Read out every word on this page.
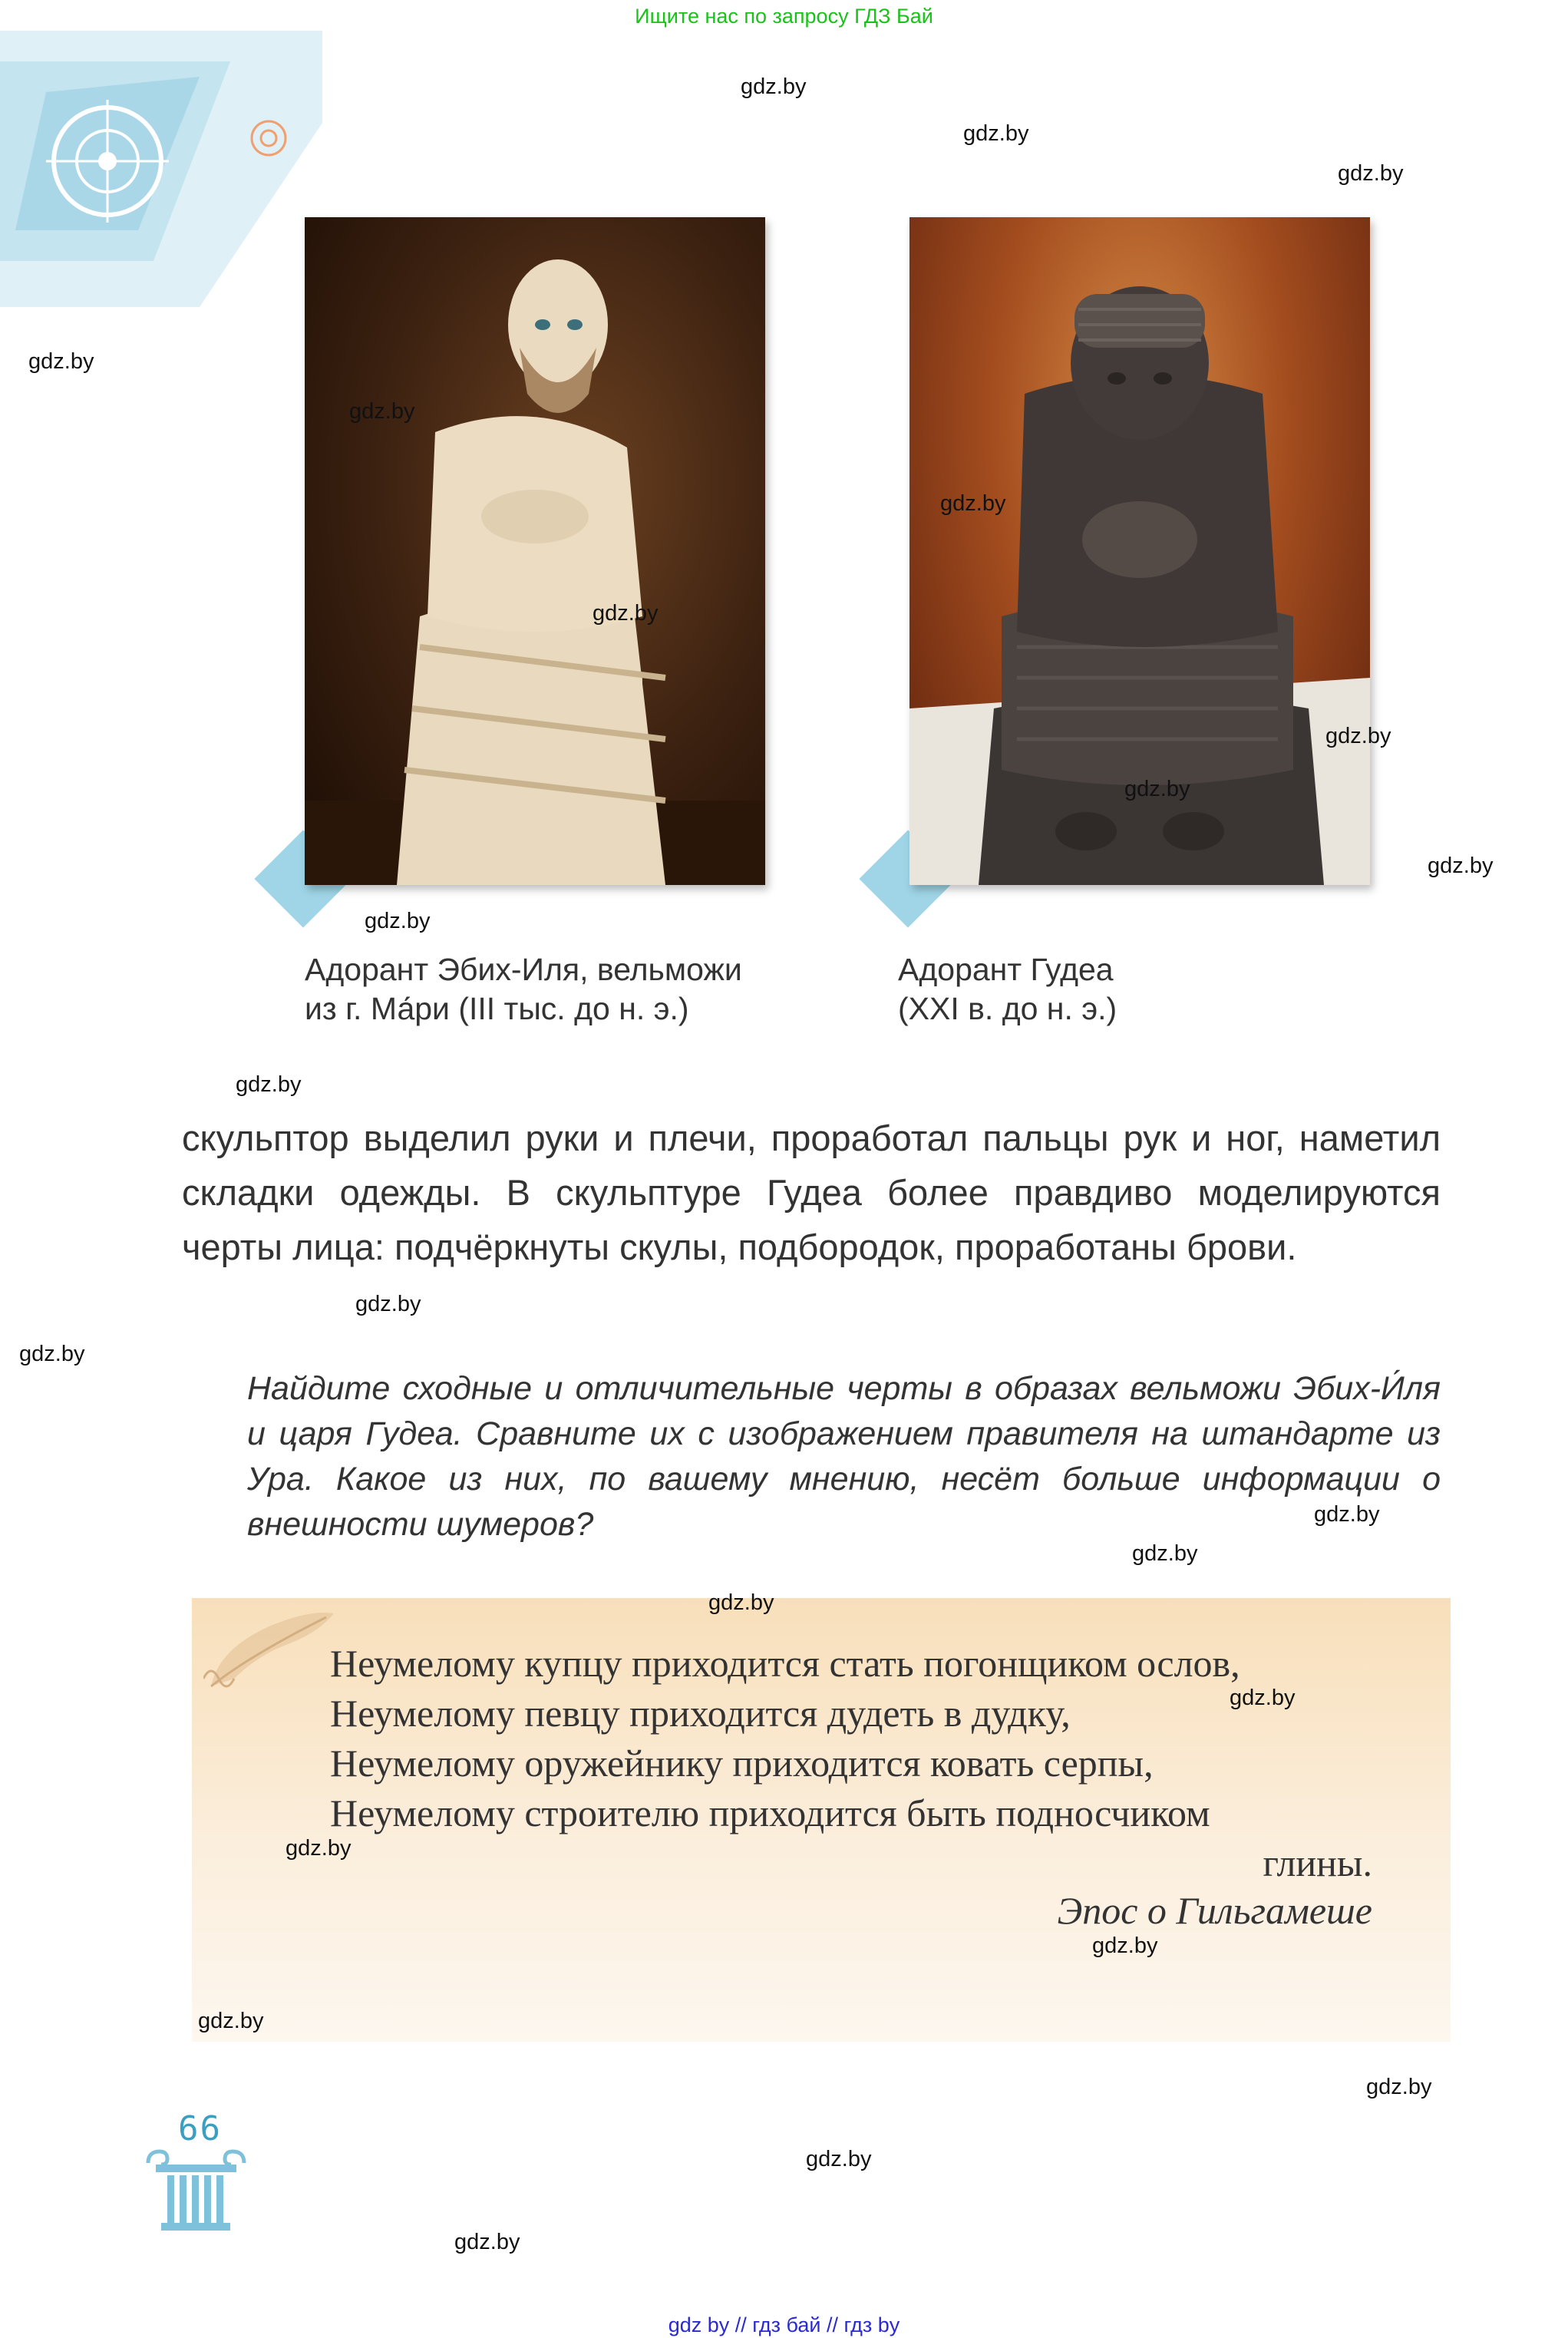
Ищите нас по запросу ГДЗ Бай
gdz.by
gdz.by
gdz.by
gdz.by
gdz.by
gdz.by
gdz.by
gdz.by
gdz.by
gdz.by
gdz.by
gdz.by
gdz.by
gdz.by
gdz.by
gdz.by
gdz.by
gdz.by
gdz.by
gdz.by
gdz.by
gdz.by
gdz.by
gdz.by
Адорант Эбих-Иля, вельможи
из г. Ма́ри (III тыс. до н. э.)
Адорант Гудеа
(XXI в. до н. э.)
скульптор выделил руки и плечи, проработал пальцы рук и ног, наметил складки одежды. В скульптуре Гудеа более правдиво моделируются черты лица: подчёркнуты скулы, подбородок, проработаны брови.
Найдите сходные и отличительные черты в образах вельможи Эбих-И́ля и царя Гудеа. Сравните их с изображением правителя на штандарте из Ура. Какое из них, по вашему мнению, несёт больше информации о внешности шумеров?
Неумелому купцу приходится стать погонщиком ослов,
Неумелому певцу приходится дудеть в дудку,
Неумелому оружейнику приходится ковать серпы,
Неумелому строителю приходится быть подносчиком
глины.
Эпос о Гильгамеше
66
gdz by // гдз бай // гдз by
